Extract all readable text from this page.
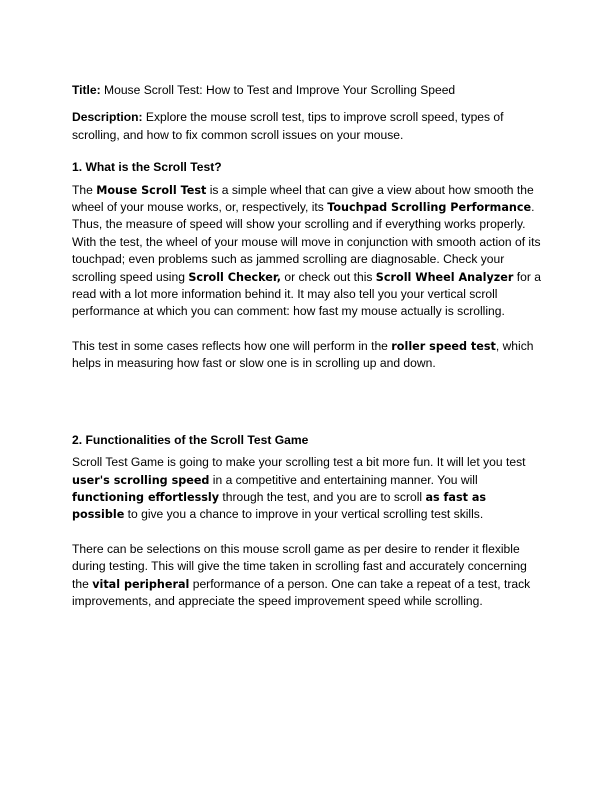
Title: Mouse Scroll Test: How to Test and Improve Your Scrolling Speed

Description: Explore the mouse scroll test, tips to improve scroll speed, types of scrolling, and how to fix common scroll issues on your mouse.

1. What is the Scroll Test?

The Mouse Scroll Test is a simple wheel that can give a view about how smooth the wheel of your mouse works, or, respectively, its Touchpad Scrolling Performance. Thus, the measure of speed will show your scrolling and if everything works properly. With the test, the wheel of your mouse will move in conjunction with smooth action of its touchpad; even problems such as jammed scrolling are diagnosable. Check your scrolling speed using Scroll Checker, or check out this Scroll Wheel Analyzer for a read with a lot more information behind it. It may also tell you your vertical scroll performance at which you can comment: how fast my mouse actually is scrolling.

This test in some cases reflects how one will perform in the roller speed test, which helps in measuring how fast or slow one is in scrolling up and down.

2. Functionalities of the Scroll Test Game

Scroll Test Game is going to make your scrolling test a bit more fun. It will let you test user's scrolling speed in a competitive and entertaining manner. You will functioning effortlessly through the test, and you are to scroll as fast as possible to give you a chance to improve in your vertical scrolling test skills.

There can be selections on this mouse scroll game as per desire to render it flexible during testing. This will give the time taken in scrolling fast and accurately concerning the vital peripheral performance of a person. One can take a repeat of a test, track improvements, and appreciate the speed improvement speed while scrolling.
